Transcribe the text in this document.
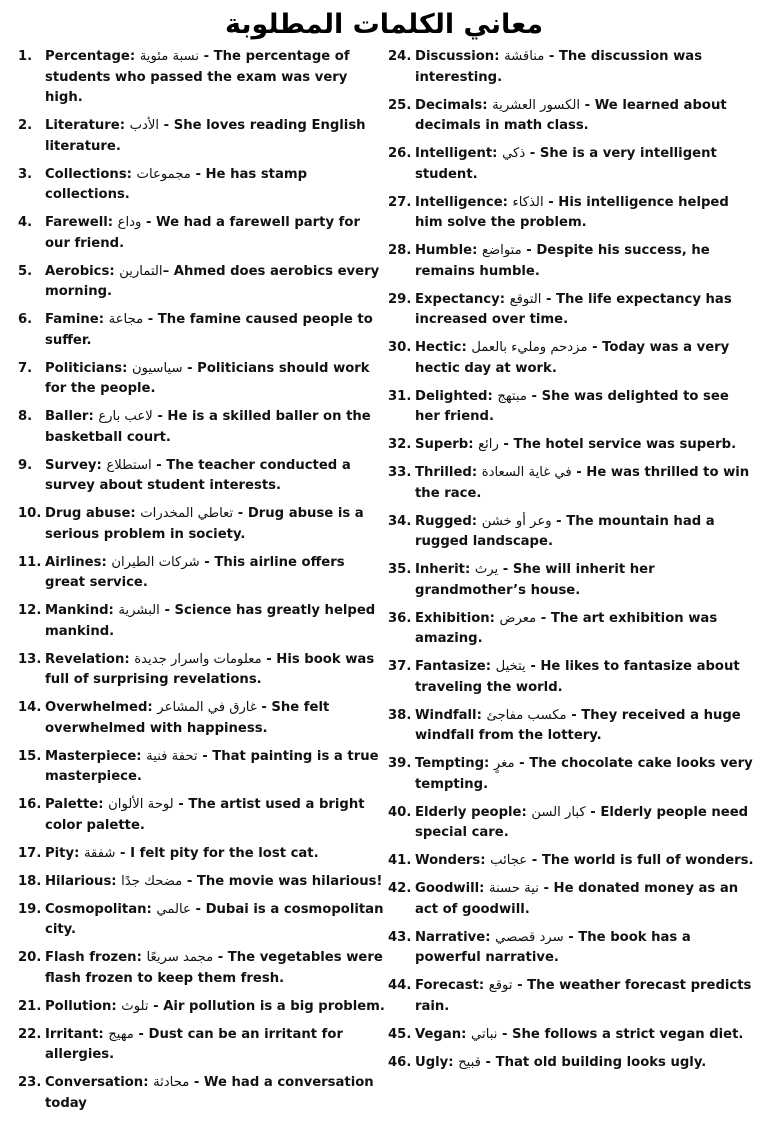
معاني الكلمات المطلوبة
1. Percentage: نسبة مئوية - The percentage of students who passed the exam was very high.
2. Literature: الأدب - She loves reading English literature.
3. Collections: مجموعات - He has stamp collections.
4. Farewell: وداع - We had a farewell party for our friend.
5. Aerobics: التمارين– Ahmed does aerobics every morning.
6. Famine: مجاعة - The famine caused people to suffer.
7. Politicians: سياسيون - Politicians should work for the people.
8. Baller: لاعب بارع - He is a skilled baller on the basketball court.
9. Survey: استطلاع - The teacher conducted a survey about student interests.
10. Drug abuse: تعاطي المخدرات - Drug abuse is a serious problem in society.
11. Airlines: شركات الطيران - This airline offers great service.
12. Mankind: البشرية - Science has greatly helped mankind.
13. Revelation: معلومات واسرار جديدة - His book was full of surprising revelations.
14. Overwhelmed: غارق في المشاعر - She felt overwhelmed with happiness.
15. Masterpiece: تحفة فنية - That painting is a true masterpiece.
16. Palette: لوحة الألوان - The artist used a bright color palette.
17. Pity: شفقة - I felt pity for the lost cat.
18. Hilarious: مضحك جدًا - The movie was hilarious!
19. Cosmopolitan: عالمي - Dubai is a cosmopolitan city.
20. Flash frozen: مجمد سريعًا - The vegetables were flash frozen to keep them fresh.
21. Pollution: تلوث - Air pollution is a big problem.
22. Irritant: مهيج - Dust can be an irritant for allergies.
23. Conversation: محادثة - We had a conversation today
24. Discussion: مناقشة - The discussion was interesting.
25. Decimals: الكسور العشرية - We learned about decimals in math class.
26. Intelligent: ذكي - She is a very intelligent student.
27. Intelligence: الذكاء - His intelligence helped him solve the problem.
28. Humble: متواضع - Despite his success, he remains humble.
29. Expectancy: التوقع - The life expectancy has increased over time.
30. Hectic: مزدحم ومليء بالعمل - Today was a very hectic day at work.
31. Delighted: مبتهج - She was delighted to see her friend.
32. Superb: رائع - The hotel service was superb.
33. Thrilled: في غاية السعادة - He was thrilled to win the race.
34. Rugged: وعر أو خشن - The mountain had a rugged landscape.
35. Inherit: يرث - She will inherit her grandmother’s house.
36. Exhibition: معرض - The art exhibition was amazing.
37. Fantasize: يتخيل - He likes to fantasize about traveling the world.
38. Windfall: مكسب مفاجئ - They received a huge windfall from the lottery.
39. Tempting: مغرٍ - The chocolate cake looks very tempting.
40. Elderly people: كبار السن - Elderly people need special care.
41. Wonders: عجائب - The world is full of wonders.
42. Goodwill: نية حسنة - He donated money as an act of goodwill.
43. Narrative: سرد قصصي - The book has a powerful narrative.
44. Forecast: توقع - The weather forecast predicts rain.
45. Vegan: نباتي - She follows a strict vegan diet.
46. Ugly: قبيح - That old building looks ugly.
